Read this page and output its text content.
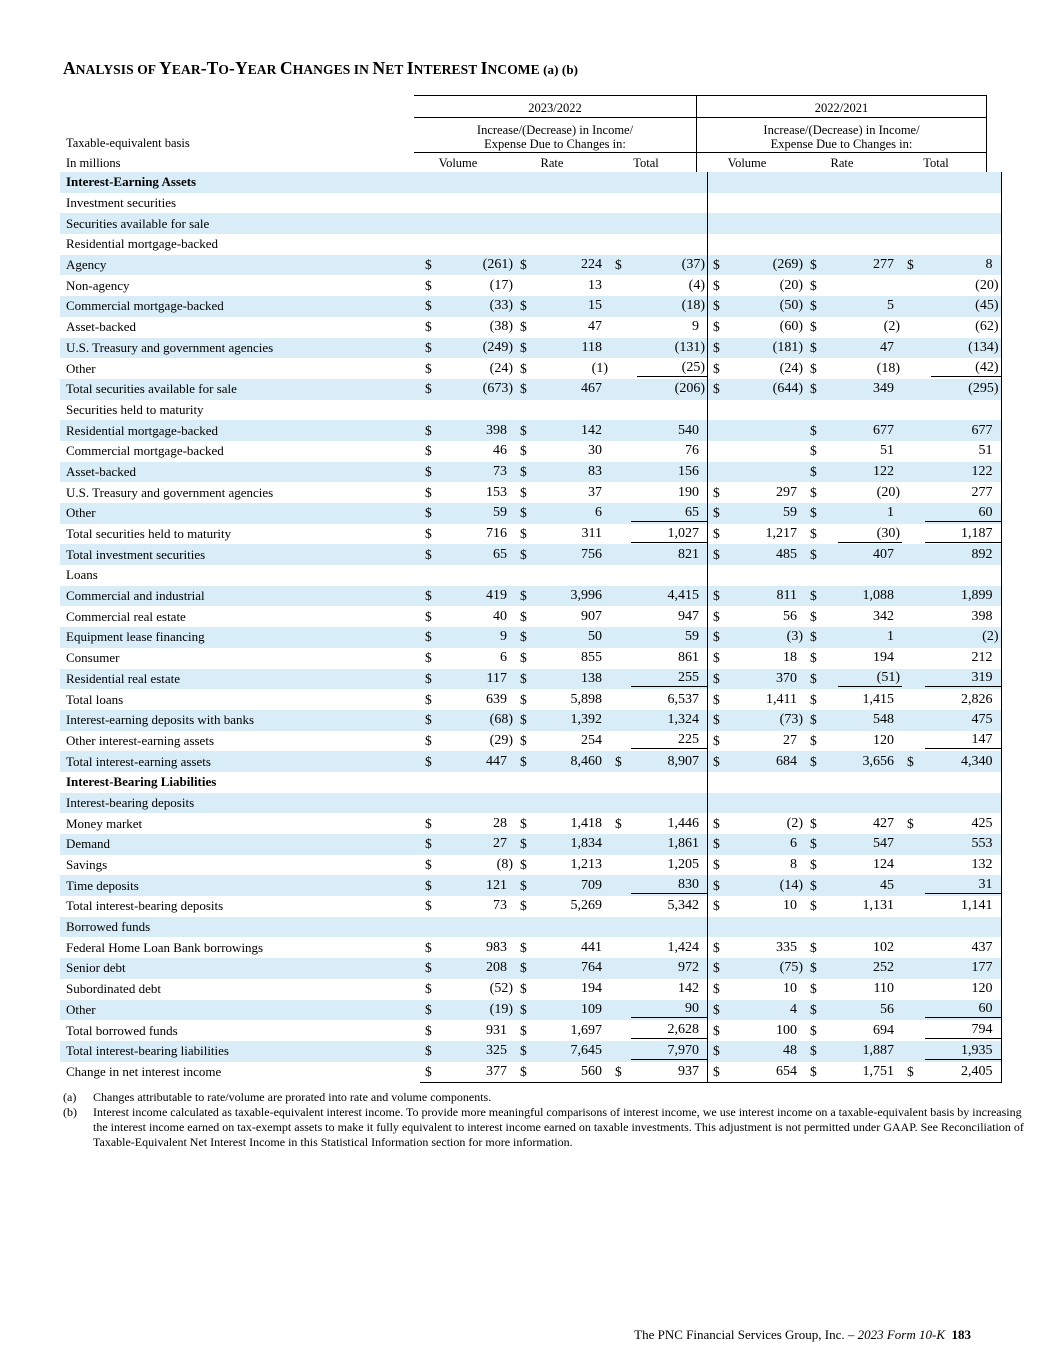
ANALYSIS OF YEAR-TO-YEAR CHANGES IN NET INTEREST INCOME (a) (b)
2023/2022	2022/2021
Increase/(Decrease) in Income/
Expense Due to Changes in:
Increase/(Decrease) in Income/
Expense Due to Changes in:
Taxable-equivalent basis
In millions	Volume	Rate	Total	Volume	Rate	Total
Interest-Earning Assets												
Investment securities												
Securities available for sale												
Residential mortgage-backed												
Agency	$	(261)	$	224	$	(37)	$	(269)	$	277	$	8
Non-agency	$	(17)		13		(4)	$	(20)	$			(20)
Commercial mortgage-backed	$	(33)	$	15		(18)	$	(50)	$	5		(45)
Asset-backed	$	(38)	$	47		9	$	(60)	$	(2)		(62)
U.S. Treasury and government agencies	$	(249)	$	118		(131)	$	(181)	$	47		(134)
Other	$	(24)	$	(1)		(25)	$	(24)	$	(18)		(42)
Total securities available for sale	$	(673)	$	467		(206)	$	(644)	$	349		(295)
Securities held to maturity												
Residential mortgage-backed	$	398	$	142		540			$	677		677
Commercial mortgage-backed	$	46	$	30		76			$	51		51
Asset-backed	$	73	$	83		156			$	122		122
U.S. Treasury and government agencies	$	153	$	37		190	$	297	$	(20)		277
Other	$	59	$	6		65	$	59	$	1		60
Total securities held to maturity	$	716	$	311		1,027	$	1,217	$	(30)		1,187
Total investment securities	$	65	$	756		821	$	485	$	407		892
Loans												
Commercial and industrial	$	419	$	3,996		4,415	$	811	$	1,088		1,899
Commercial real estate	$	40	$	907		947	$	56	$	342		398
Equipment lease financing	$	9	$	50		59	$	(3)	$	1		(2)
Consumer	$	6	$	855		861	$	18	$	194		212
Residential real estate	$	117	$	138		255	$	370	$	(51)		319
Total loans	$	639	$	5,898		6,537	$	1,411	$	1,415		2,826
Interest-earning deposits with banks	$	(68)	$	1,392		1,324	$	(73)	$	548		475
Other interest-earning assets	$	(29)	$	254		225	$	27	$	120		147
Total interest-earning assets	$	447	$	8,460	$	8,907	$	684	$	3,656	$	4,340
Interest-Bearing Liabilities												
Interest-bearing deposits												
Money market	$	28	$	1,418	$	1,446	$	(2)	$	427	$	425
Demand	$	27	$	1,834		1,861	$	6	$	547		553
Savings	$	(8)	$	1,213		1,205	$	8	$	124		132
Time deposits	$	121	$	709		830	$	(14)	$	45		31
Total interest-bearing deposits	$	73	$	5,269		5,342	$	10	$	1,131		1,141
Borrowed funds												
Federal Home Loan Bank borrowings	$	983	$	441		1,424	$	335	$	102		437
Senior debt	$	208	$	764		972	$	(75)	$	252		177
Subordinated debt	$	(52)	$	194		142	$	10	$	110		120
Other	$	(19)	$	109		90	$	4	$	56		60
Total borrowed funds	$	931	$	1,697		2,628	$	100	$	694		794
Total interest-bearing liabilities	$	325	$	7,645		7,970	$	48	$	1,887		1,935
Change in net interest income	$	377	$	560	$	937	$	654	$	1,751	$	2,405
(a) Changes attributable to rate/volume are prorated into rate and volume components.
(b) Interest income calculated as taxable-equivalent interest income. To provide more meaningful comparisons of interest income, we use interest income on a taxable-equivalent basis by increasing the interest income earned on tax-exempt assets to make it fully equivalent to interest income earned on taxable investments. This adjustment is not permitted under GAAP. See Reconciliation of Taxable-Equivalent Net Interest Income in this Statistical Information section for more information.
The PNC Financial Services Group, Inc. – 2023 Form 10-K 183
